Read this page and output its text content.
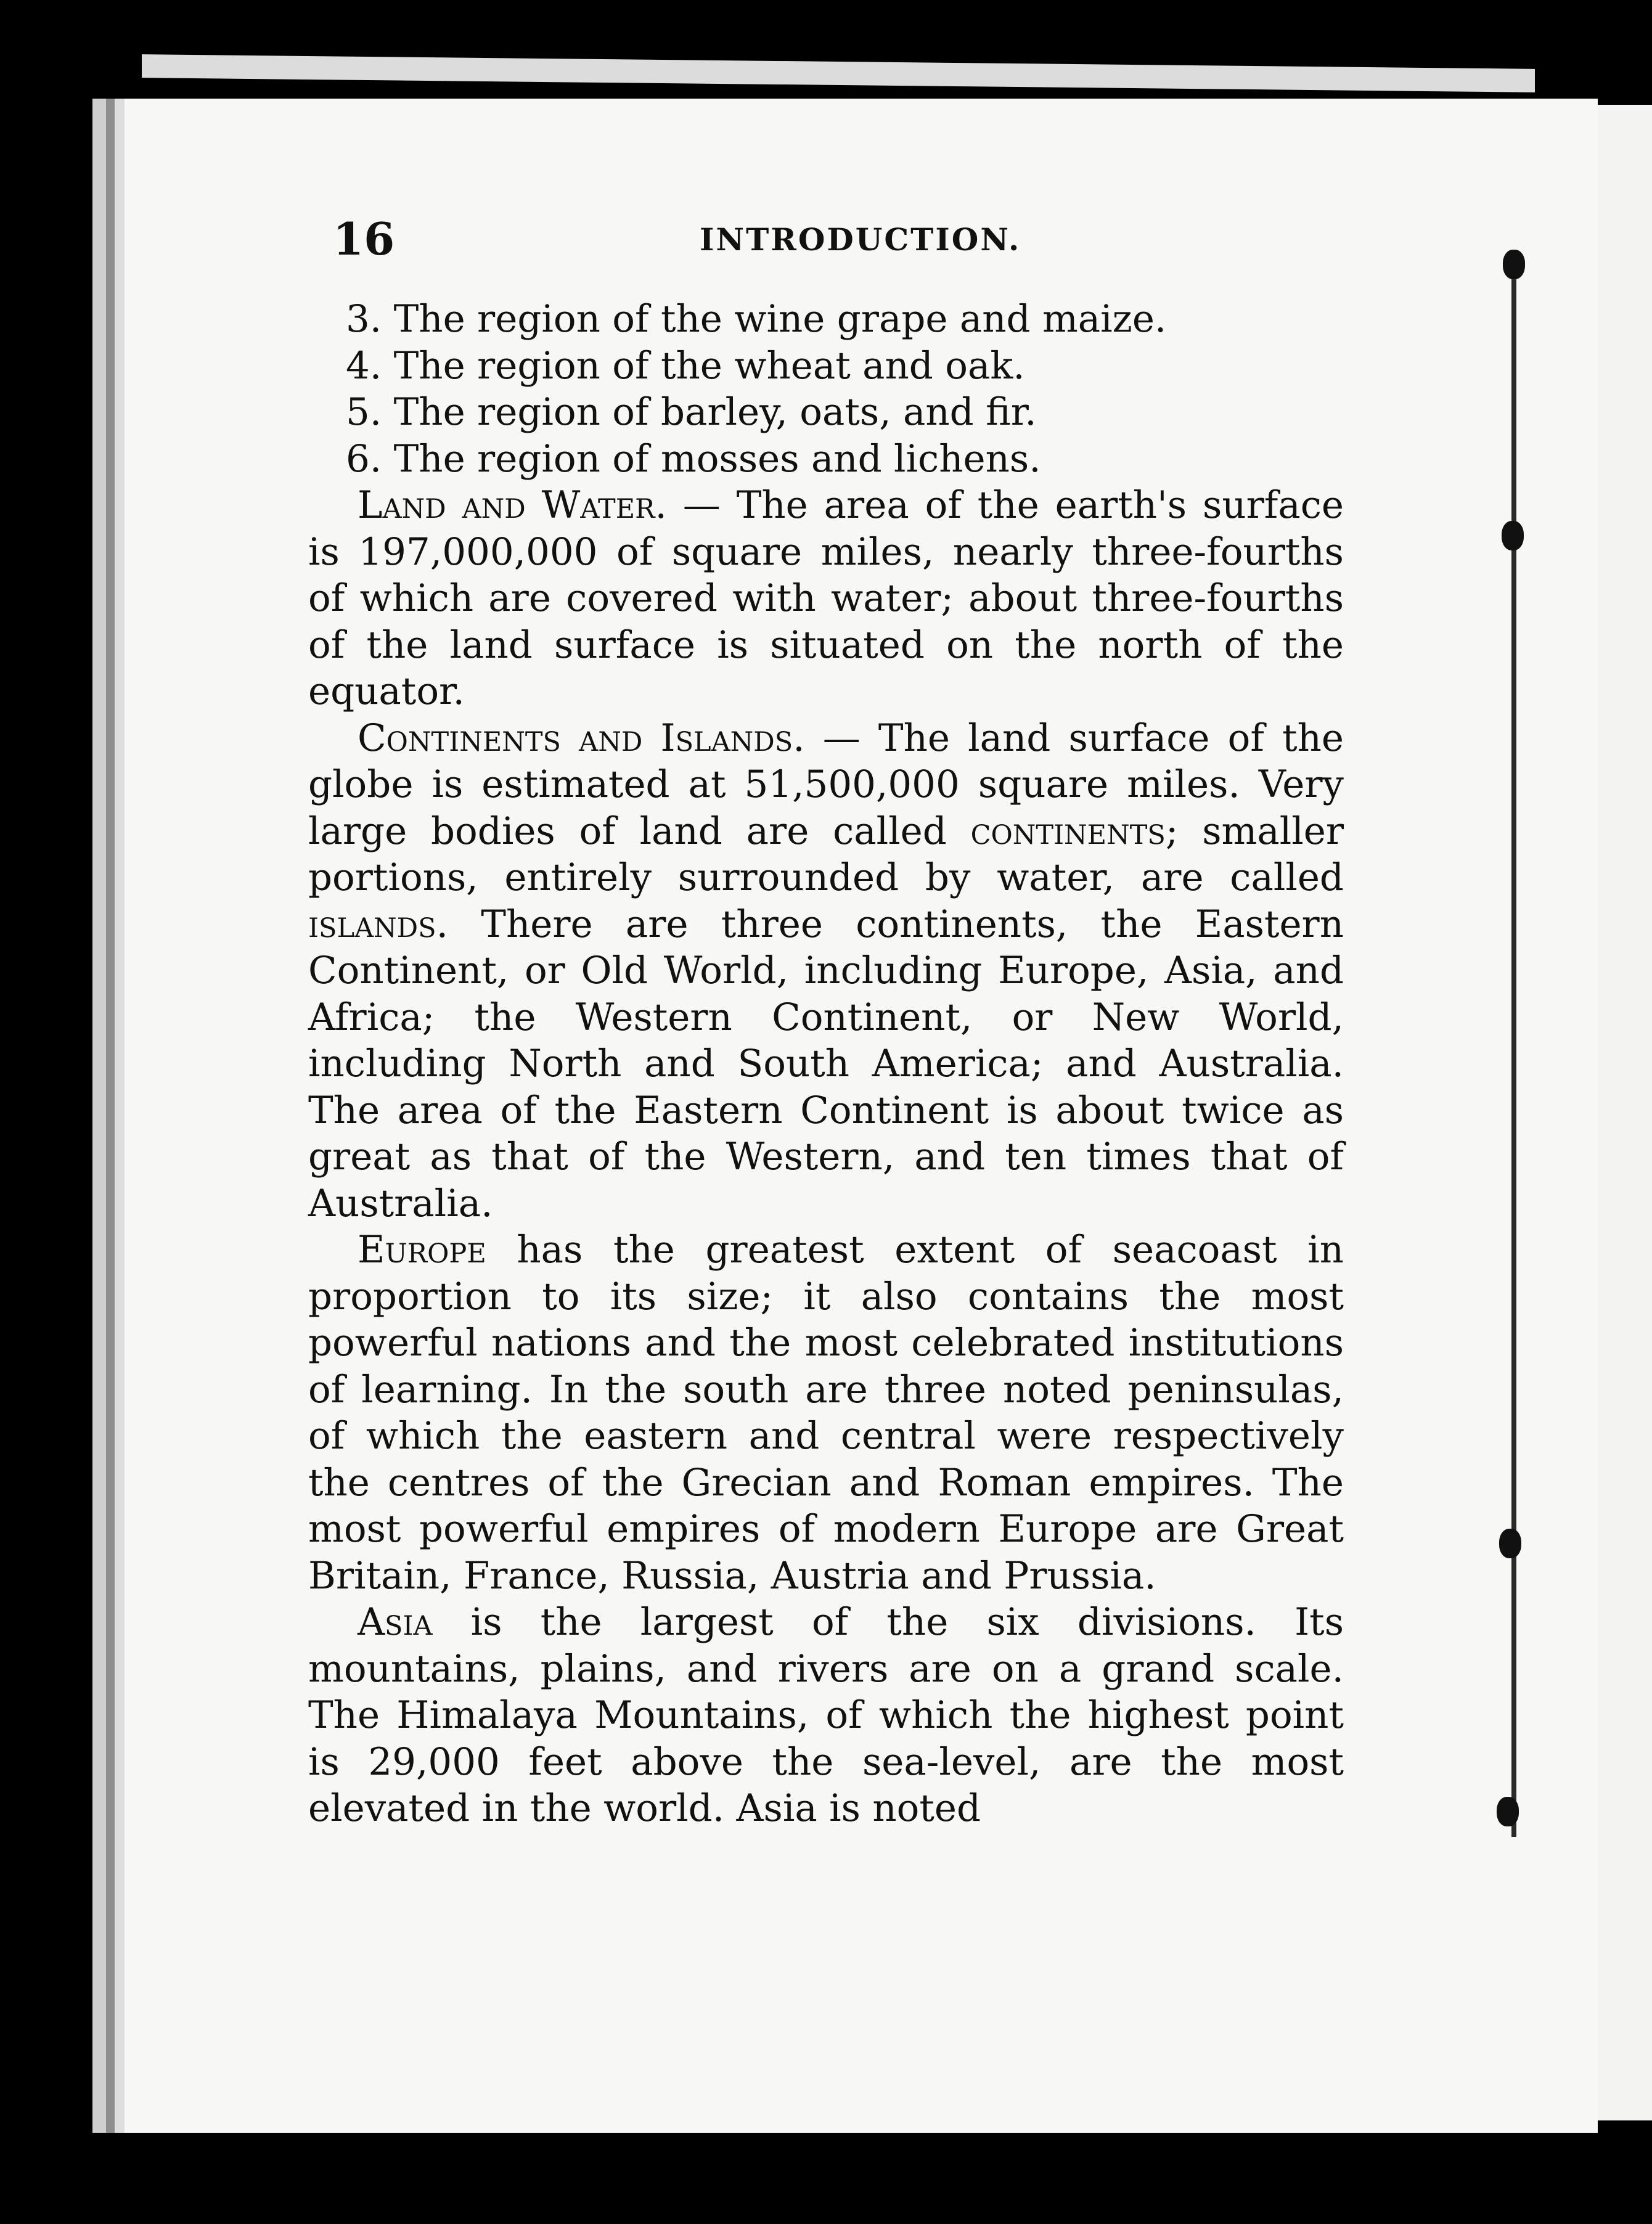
16	INTRODUCTION.

3. The region of the wine grape and maize.

4. The region of the wheat and oak.

5. The region of barley, oats, and fir.

6. The region of mosses and lichens.

Land and Water. — The area of the earth's surface is 197,000,000 of square miles, nearly three-fourths of which are covered with water; about three-fourths of the land surface is situated on the north of the equator.

Continents and Islands. — The land surface of the globe is estimated at 51,500,000 square miles. Very large bodies of land are called continents; smaller portions, entirely surrounded by water, are called islands. There are three continents, the Eastern Continent, or Old World, including Europe, Asia, and Africa; the Western Continent, or New World, including North and South America; and Australia. The area of the Eastern Continent is about twice as great as that of the Western, and ten times that of Australia.

Europe has the greatest extent of seacoast in proportion to its size; it also contains the most powerful nations and the most celebrated institutions of learning. In the south are three noted peninsulas, of which the eastern and central were respectively the centres of the Grecian and Roman empires. The most powerful empires of modern Europe are Great Britain, France, Russia, Austria and Prussia.

Asia is the largest of the six divisions. Its mountains, plains, and rivers are on a grand scale. The Himalaya Mountains, of which the highest point is 29,000 feet above the sea-level, are the most elevated in the world. Asia is noted
